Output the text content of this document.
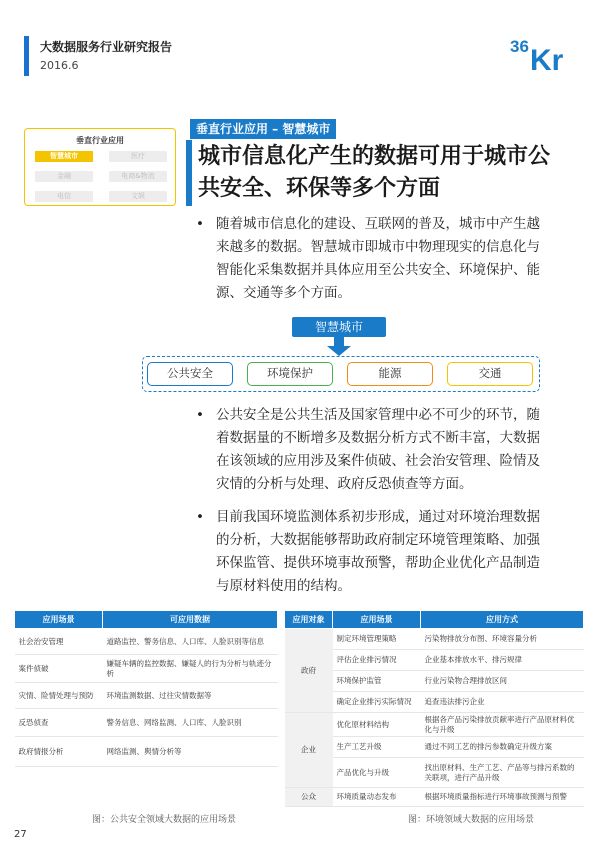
大数据服务行业研究报告
2016.6
36 Kr
垂直行业应用
智慧城市	医疗
金融	电商&物流
电信	文娱
垂直行业应用 – 智慧城市
城市信息化产生的数据可用于城市公共安全、环保等多个方面
• 随着城市信息化的建设、互联网的普及，城市中产生越来越多的数据。智慧城市即城市中物理现实的信息化与智能化采集数据并具体应用至公共安全、环境保护、能源、交通等多个方面。
智慧城市
公共安全	环境保护	能源	交通
• 公共安全是公共生活及国家管理中必不可少的环节，随着数据量的不断增多及数据分析方式不断丰富，大数据在该领域的应用涉及案件侦破、社会治安管理、险情及灾情的分析与处理、政府反恐侦查等方面。
• 目前我国环境监测体系初步形成，通过对环境治理数据的分析，大数据能够帮助政府制定环境管理策略、加强环保监管、提供环境事故预警，帮助企业优化产品制造与原材料使用的结构。
应用场景	可应用数据
社会治安管理	道路监控、警务信息、人口库、人脸识别等信息
案件侦破	嫌疑车辆的监控数据、嫌疑人的行为分析与轨迹分析
灾情、险情处理与预防	环境监测数据、过往灾情数据等
反恐侦查	警务信息、网络监测、人口库、人脸识别
政府情报分析	网络监测、舆情分析等
图：公共安全领域大数据的应用场景
应用对象	应用场景	应用方式
政府	制定环境管理策略	污染物排放分布图、环境容量分析
	评估企业排污情况	企业基本排放水平、排污规律
	环境保护监管	行业污染物合理排放区间
	确定企业排污实际情况	追查违法排污企业
企业	优化原材料结构	根据各产品污染排放贡献率进行产品原材料优化与升级
	生产工艺升级	通过不同工艺的排污参数确定升级方案
	产品优化与升级	找出原材料、生产工艺、产品等与排污系数的关联项，进行产品升级
公众	环境质量动态发布	根据环境质量指标进行环境事故预测与预警
图：环境领域大数据的应用场景
27
